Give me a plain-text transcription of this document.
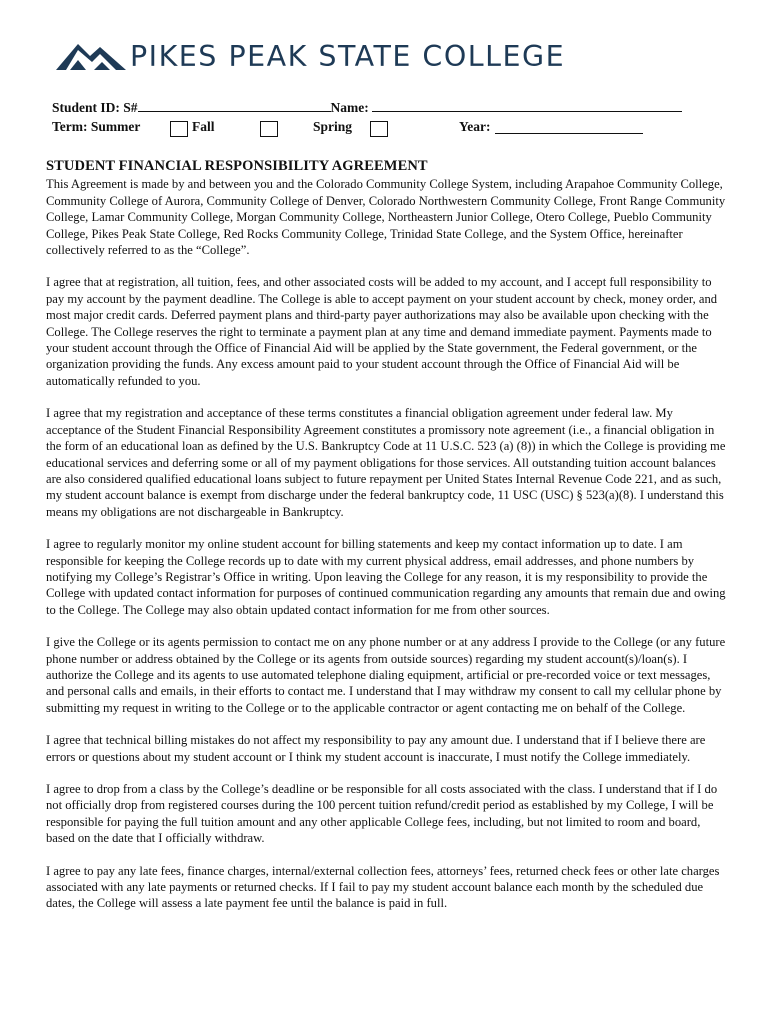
PIKES PEAK STATE COLLEGE
Student ID: S#	Name:
Term: Summer	Fall	Spring	Year:
STUDENT FINANCIAL RESPONSIBILITY AGREEMENT

This Agreement is made by and between you and the Colorado Community College System, including Arapahoe Community College, Community College of Aurora, Community College of Denver, Colorado Northwestern Community College, Front Range Community College, Lamar Community College, Morgan Community College, Northeastern Junior College, Otero College, Pueblo Community College, Pikes Peak State College, Red Rocks Community College, Trinidad State College, and the System Office, hereinafter collectively referred to as the “College”.

I agree that at registration, all tuition, fees, and other associated costs will be added to my account, and I accept full responsibility to pay my account by the payment deadline. The College is able to accept payment on your student account by check, money order, and most major credit cards. Deferred payment plans and third-party payer authorizations may also be available upon checking with the College. The College reserves the right to terminate a payment plan at any time and demand immediate payment. Payments made to your student account through the Office of Financial Aid will be applied by the State government, the Federal government, or the organization providing the funds. Any excess amount paid to your student account through the Office of Financial Aid will be automatically refunded to you.

I agree that my registration and acceptance of these terms constitutes a financial obligation agreement under federal law. My acceptance of the Student Financial Responsibility Agreement constitutes a promissory note agreement (i.e., a financial obligation in the form of an educational loan as defined by the U.S. Bankruptcy Code at 11 U.S.C. 523 (a) (8)) in which the College is providing me educational services and deferring some or all of my payment obligations for those services. All outstanding tuition account balances are also considered qualified educational loans subject to future repayment per United States Internal Revenue Code 221, and as such, my student account balance is exempt from discharge under the federal bankruptcy code, 11 USC (USC) § 523(a)(8). I understand this means my obligations are not dischargeable in Bankruptcy.

I agree to regularly monitor my online student account for billing statements and keep my contact information up to date. I am responsible for keeping the College records up to date with my current physical address, email addresses, and phone numbers by notifying my College’s Registrar’s Office in writing. Upon leaving the College for any reason, it is my responsibility to provide the College with updated contact information for purposes of continued communication regarding any amounts that remain due and owing to the College. The College may also obtain updated contact information for me from other sources.

I give the College or its agents permission to contact me on any phone number or at any address I provide to the College (or any future phone number or address obtained by the College or its agents from outside sources) regarding my student account(s)/loan(s). I authorize the College and its agents to use automated telephone dialing equipment, artificial or pre-recorded voice or text messages, and personal calls and emails, in their efforts to contact me. I understand that I may withdraw my consent to call my cellular phone by submitting my request in writing to the College or to the applicable contractor or agent contacting me on behalf of the College.

I agree that technical billing mistakes do not affect my responsibility to pay any amount due. I understand that if I believe there are errors or questions about my student account or I think my student account is inaccurate, I must notify the College immediately.

I agree to drop from a class by the College’s deadline or be responsible for all costs associated with the class. I understand that if I do not officially drop from registered courses during the 100 percent tuition refund/credit period as established by my College, I will be responsible for paying the full tuition amount and any other applicable College fees, including, but not limited to room and board, based on the date that I officially withdraw.

I agree to pay any late fees, finance charges, internal/external collection fees, attorneys’ fees, returned check fees or other late charges associated with any late payments or returned checks. If I fail to pay my student account balance each month by the scheduled due dates, the College will assess a late payment fee until the balance is paid in full.
